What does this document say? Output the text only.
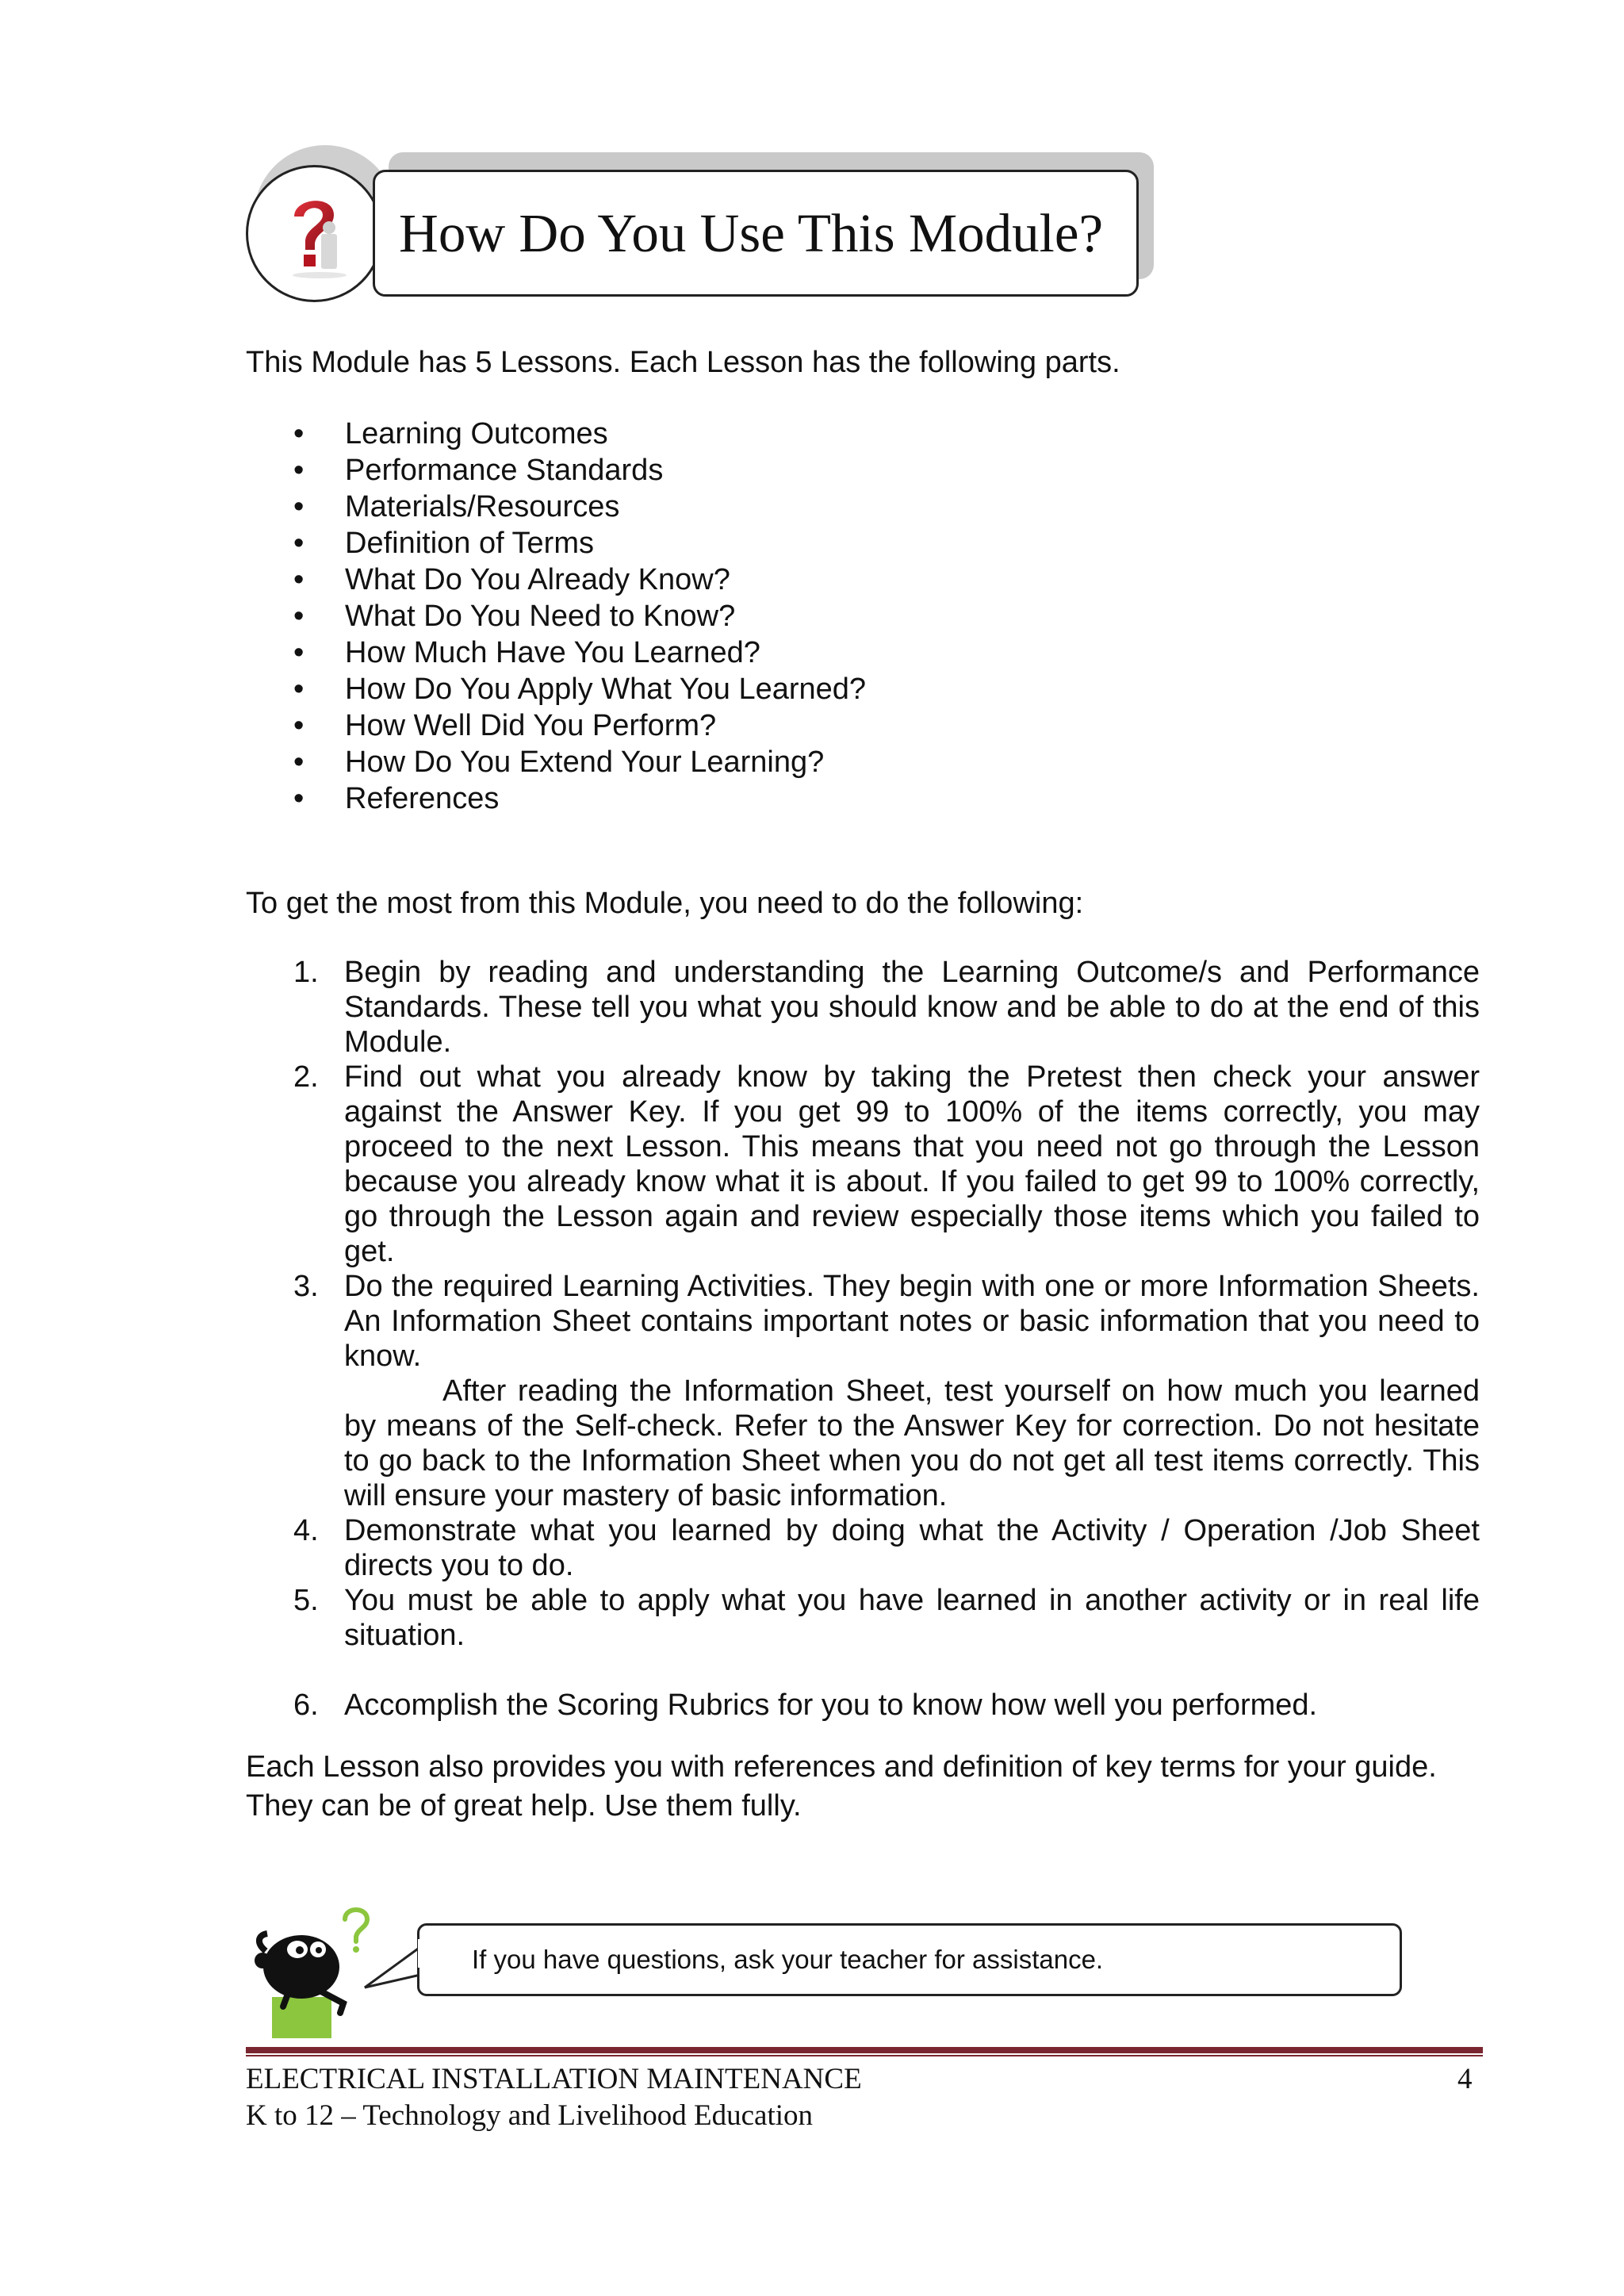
How Do You Use This Module?
This Module has 5 Lessons. Each Lesson has the following parts.
• Learning Outcomes
• Performance Standards
• Materials/Resources
• Definition of Terms
• What Do You Already Know?
• What Do You Need to Know?
• How Much Have You Learned?
• How Do You Apply What You Learned?
• How Well Did You Perform?
• How Do You Extend Your Learning?
• References
To get the most from this Module, you need to do the following:
1. Begin by reading and understanding the Learning Outcome/s and Performance Standards. These tell you what you should know and be able to do at the end of this Module.

2. Find out what you already know by taking the Pretest then check your answer against the Answer Key. If you get 99 to 100% of the items correctly, you may proceed to the next Lesson. This means that you need not go through the Lesson because you already know what it is about. If you failed to get 99 to 100% correctly, go through the Lesson again and review especially those items which you failed to get.

3. Do the required Learning Activities. They begin with one or more Information Sheets. An Information Sheet contains important notes or basic information that you need to know.

After reading the Information Sheet, test yourself on how much you learned by means of the Self-check. Refer to the Answer Key for correction. Do not hesitate to go back to the Information Sheet when you do not get all test items correctly. This will ensure your mastery of basic information.

4. Demonstrate what you learned by doing what the Activity / Operation /Job Sheet directs you to do.

5. You must be able to apply what you have learned in another activity or in real life situation.

6. Accomplish the Scoring Rubrics for you to know how well you performed.

Each Lesson also provides you with references and definition of key terms for your guide.
They can be of great help. Use them fully.
If you have questions, ask your teacher for assistance.
ELECTRICAL INSTALLATION MAINTENANCE
K to 12 – Technology and Livelihood Education
4
